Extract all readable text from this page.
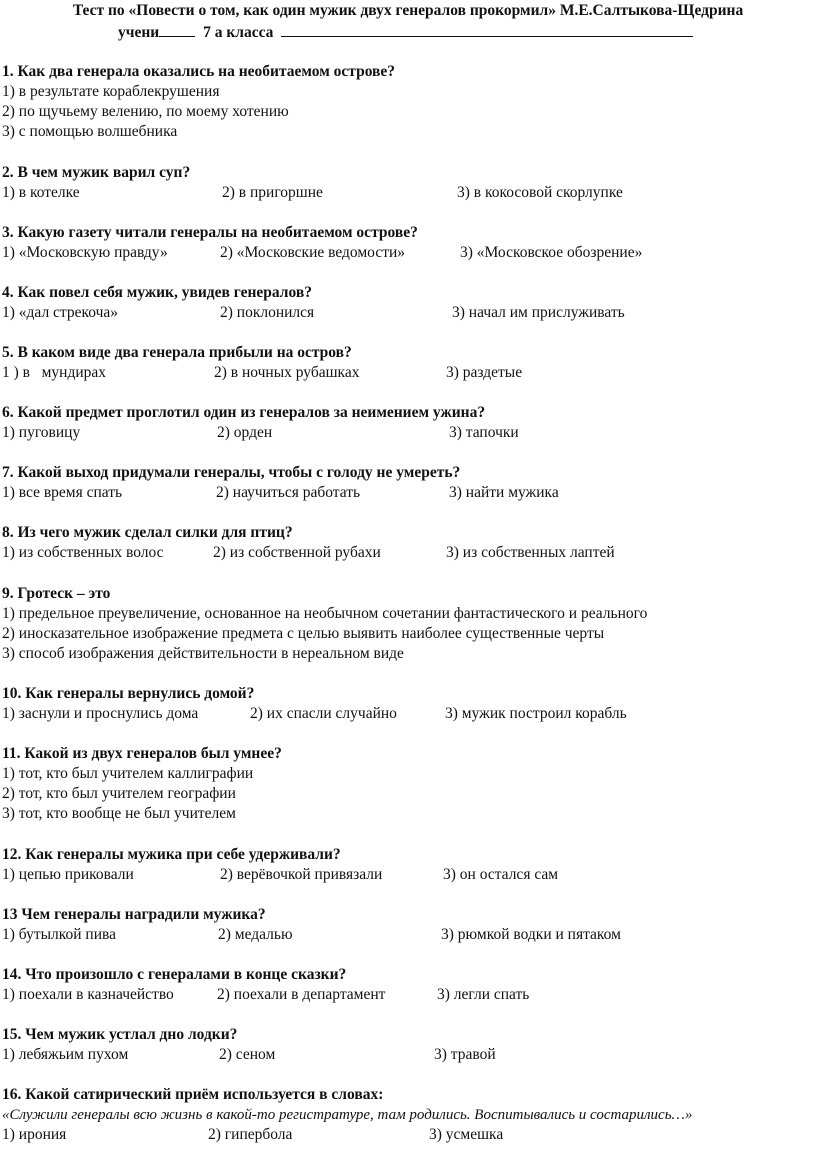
Тест по «Повести о том, как один мужик двух генералов прокормил» М.Е.Салтыкова-Щедрина
учени	7 а класса
1. Как два генерала оказались на необитаемом острове?
1) в результате кораблекрушения
2) по щучьему велению, по моему хотению
3) с помощью волшебника
2. В чем мужик варил суп?
1) в котелке	2) в пригоршне	3) в кокосовой скорлупке
3. Какую газету читали генералы на необитаемом острове?
1) «Московскую правду»	2) «Московские ведомости»	3) «Московское обозрение»
4. Как повел себя мужик, увидев генералов?
1) «дал стрекоча»	2) поклонился	3) начал им прислуживать
5. В каком виде два генерала прибыли на остров?
1 ) в   мундирах	2) в ночных рубашках	3) раздетые
6. Какой предмет проглотил один из генералов за неимением ужина?
1) пуговицу	2) орден	3) тапочки
7. Какой выход придумали генералы, чтобы с голоду не умереть?
1) все время спать	2) научиться работать	3) найти мужика
8. Из чего мужик сделал силки для птиц?
1) из собственных волос	2) из собственной рубахи	3) из собственных лаптей
9. Гротеск – это
1) предельное преувеличение, основанное на необычном сочетании фантастического и реального
2) иносказательное изображение предмета с целью выявить наиболее существенные черты
3) способ изображения действительности в нереальном виде
10. Как генералы вернулись домой?
1) заснули и проснулись дома	2) их спасли случайно	3) мужик построил корабль
11. Какой из двух генералов был умнее?
1) тот, кто был учителем каллиграфии
2) тот, кто был учителем географии
3) тот, кто вообще не был учителем
12. Как генералы мужика при себе удерживали?
1) цепью приковали	2) верёвочкой привязали	3) он остался сам
13 Чем генералы наградили мужика?
1) бутылкой пива	2) медалью	3) рюмкой водки и пятаком
14. Что произошло с генералами в конце сказки?
1) поехали в казначейство	2) поехали в департамент	3) легли спать
15. Чем мужик устлал дно лодки?
1) лебяжьим пухом	2) сеном	3) травой
16. Какой сатирический приём используется в словах:
«Служили генералы всю жизнь в какой-то регистратуре, там родились. Воспитывались и состарились…»
1) ирония	2) гипербола	3) усмешка
